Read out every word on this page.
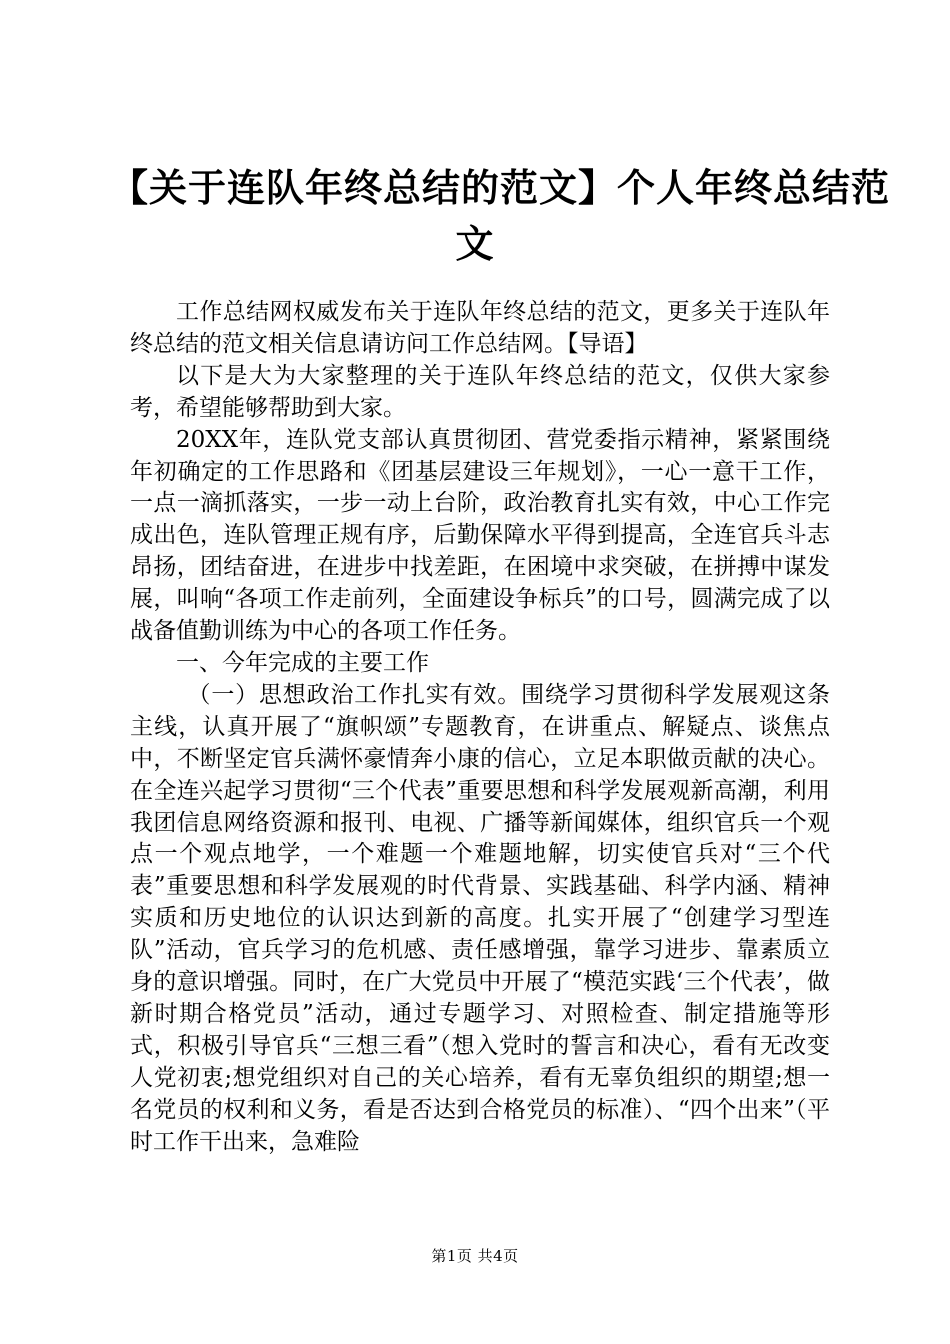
【关于连队年终总结的范文】个人年终总结范
文

工作总结网权威发布关于连队年终总结的范文，更多关于连队年终总结的范文相关信息请访问工作总结网。【导语】

以下是大为大家整理的关于连队年终总结的范文，仅供大家参考，希望能够帮助到大家。

20XX年，连队党支部认真贯彻团、营党委指示精神，紧紧围绕年初确定的工作思路和《团基层建设三年规划》，一心一意干工作，一点一滴抓落实，一步一动上台阶，政治教育扎实有效，中心工作完成出色，连队管理正规有序，后勤保障水平得到提高，全连官兵斗志昂扬，团结奋进，在进步中找差距，在困境中求突破，在拼搏中谋发展，叫响“各项工作走前列，全面建设争标兵”的口号，圆满完成了以战备值勤训练为中心的各项工作任务。

一、今年完成的主要工作

（一）思想政治工作扎实有效。围绕学习贯彻科学发展观这条主线，认真开展了“旗帜颂”专题教育，在讲重点、解疑点、谈焦点中，不断坚定官兵满怀豪情奔小康的信心，立足本职做贡献的决心。在全连兴起学习贯彻“三个代表”重要思想和科学发展观新高潮，利用我团信息网络资源和报刊、电视、广播等新闻媒体，组织官兵一个观点一个观点地学，一个难题一个难题地解，切实使官兵对“三个代表”重要思想和科学发展观的时代背景、实践基础、科学内涵、精神实质和历史地位的认识达到新的高度。扎实开展了“创建学习型连队”活动，官兵学习的危机感、责任感增强，靠学习进步、靠素质立身的意识增强。同时，在广大党员中开展了“模范实践‘三个代表’，做新时期合格党员”活动，通过专题学习、对照检查、制定措施等形式，积极引导官兵“三想三看”（想入党时的誓言和决心，看有无改变人党初衷;想党组织对自己的关心培养，看有无辜负组织的期望;想一名党员的权利和义务，看是否达到合格党员的标准）、“四个出来”（平时工作干出来，急难险

第1页 共4页
